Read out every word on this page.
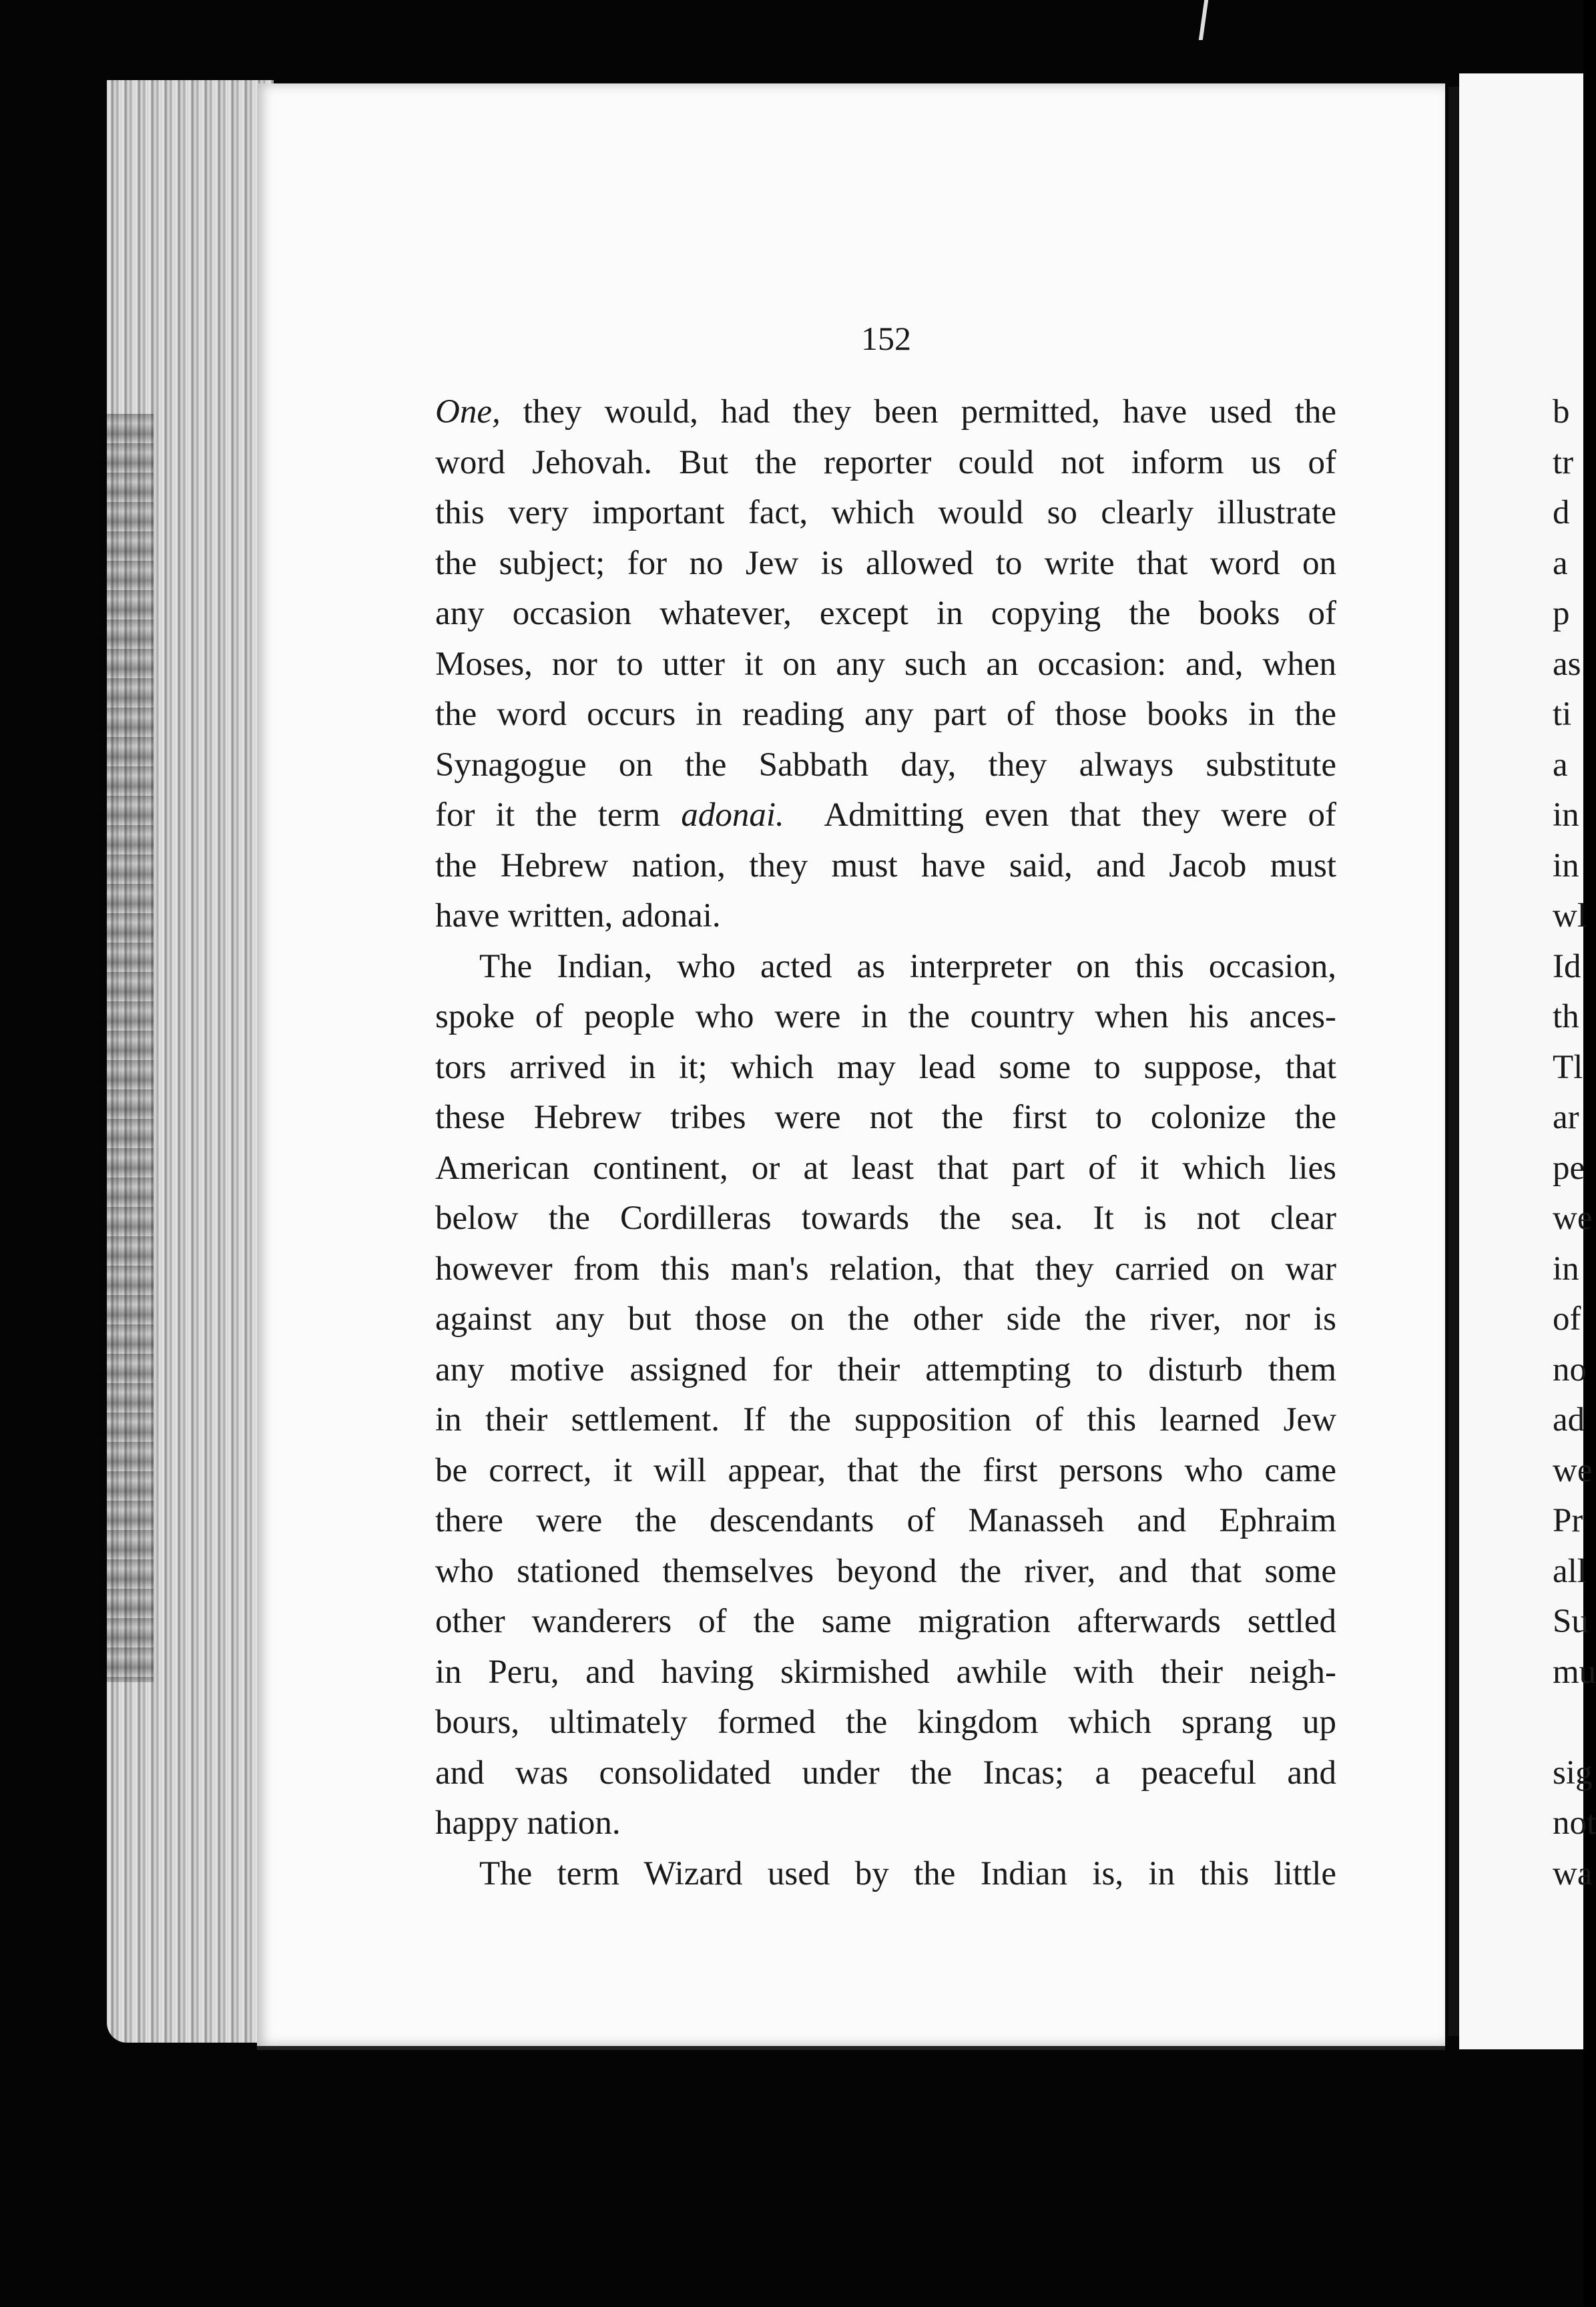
152
One, they would, had they been permitted, have used the
word Jehovah. But the reporter could not inform us of
this very important fact, which would so clearly illustrate
the subject; for no Jew is allowed to write that word on
any occasion whatever, except in copying the books of
Moses, nor to utter it on any such an occasion: and, when
the word occurs in reading any part of those books in the
Synagogue on the Sabbath day, they always substitute
for it the term adonai.  Admitting even that they were of
the Hebrew nation, they must have said, and Jacob must
have written, adonai.
The Indian, who acted as interpreter on this occasion,
spoke of people who were in the country when his ances-
tors arrived in it; which may lead some to suppose, that
these Hebrew tribes were not the first to colonize the
American continent, or at least that part of it which lies
below the Cordilleras towards the sea. It is not clear
however from this man's relation, that they carried on war
against any but those on the other side the river, nor is
any motive assigned for their attempting to disturb them
in their settlement. If the supposition of this learned Jew
be correct, it will appear, that the first persons who came
there were the descendants of Manasseh and Ephraim
who stationed themselves beyond the river, and that some
other wanderers of the same migration afterwards settled
in Peru, and having skirmished awhile with their neigh-
bours, ultimately formed the kingdom which sprang up
and was consolidated under the Incas; a peaceful and
happy nation.
The term Wizard used by the Indian is, in this little
b
tr
d
a
p
as
ti
a
in
in
wl
Id
th
Tl
ar
pe
we
in
of
no
ad
we
Pr
all
Su
mu
sig
not
wa
